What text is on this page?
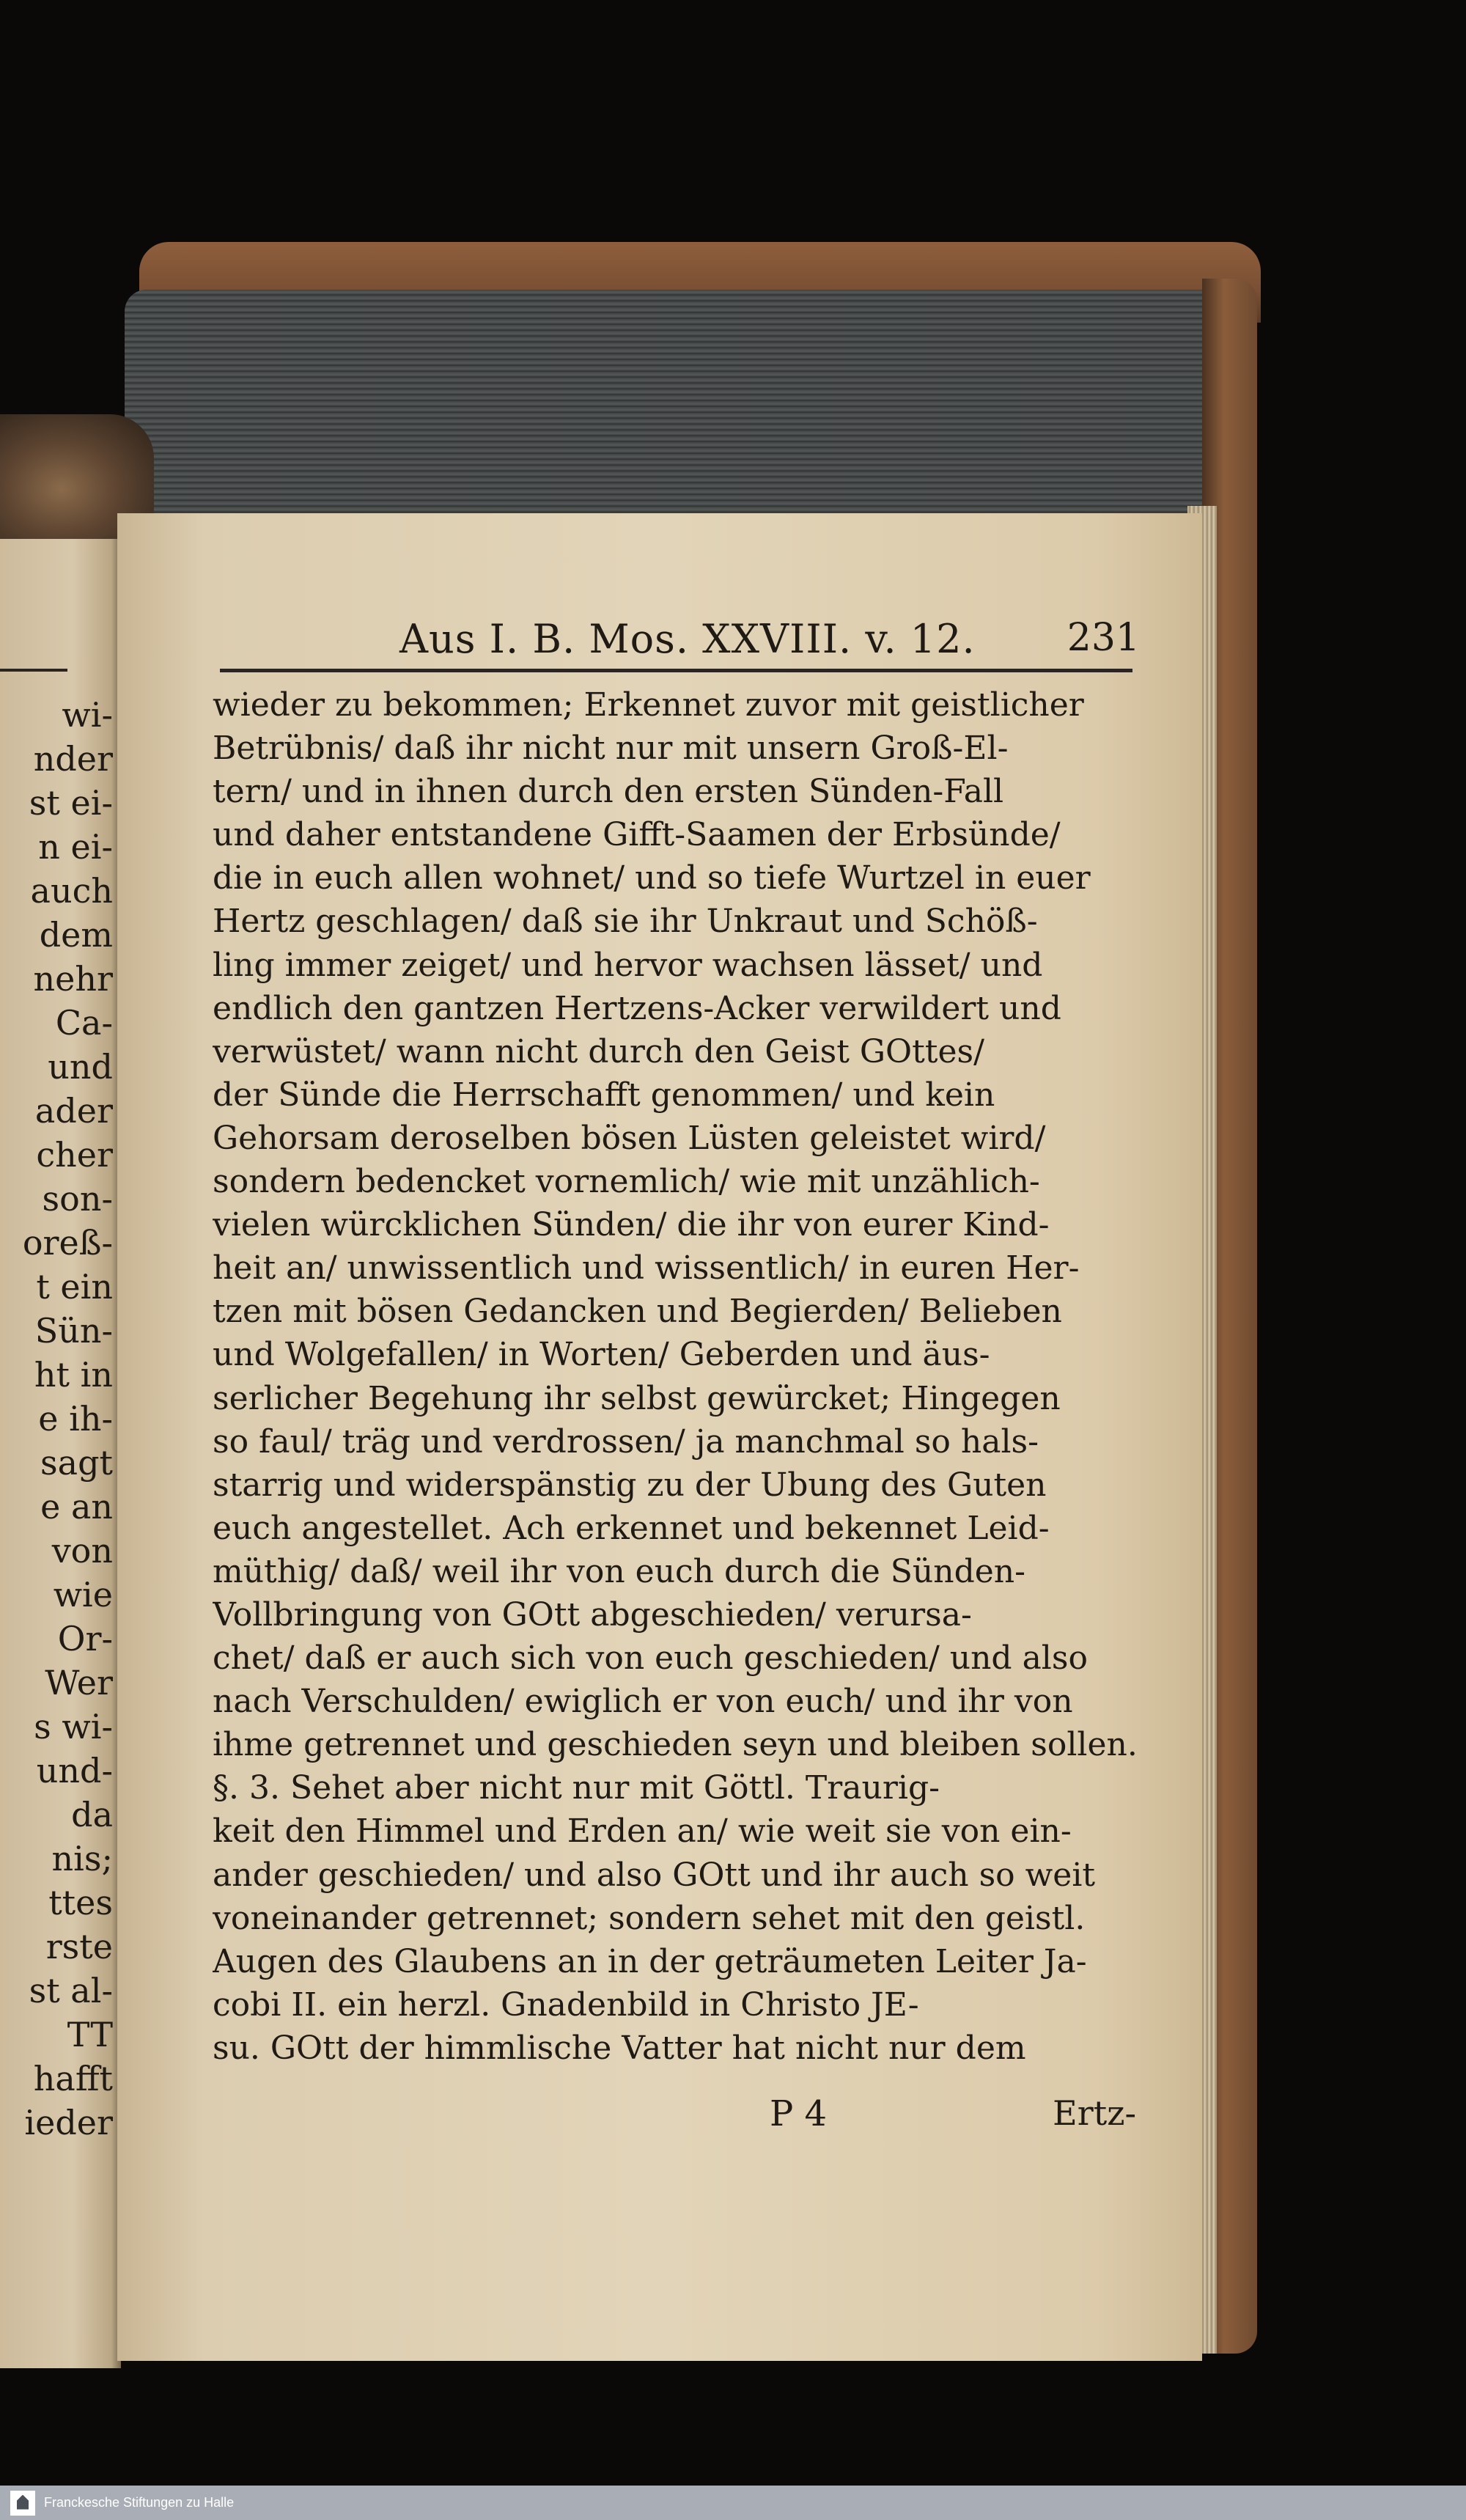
wi-
nder
st ei-
n ei-
auch
dem
nehr
Ca-
und
ader
cher
son-
oreß-
t ein
Sün-
ht in
e ih-
sagt
e an
von
wie
Or-
Wer
s wi-
und-
da
nis;
ttes
rste
st al-
TT
hafft
ieder
Aus I. B. Mos. XXVIII. v. 12. 231
wieder zu bekommen; Erkennet zuvor mit geistlicher
Betrübnis/ daß ihr nicht nur mit unsern Groß-El-
tern/ und in ihnen durch den ersten Sünden-Fall
und daher entstandene Gifft-Saamen der Erbsünde/
die in euch allen wohnet/ und so tiefe Wurtzel in euer
Hertz geschlagen/ daß sie ihr Unkraut und Schöß-
ling immer zeiget/ und hervor wachsen lässet/ und
endlich den gantzen Hertzens-Acker verwildert und
verwüstet/ wann nicht durch den Geist GOttes/
der Sünde die Herrschafft genommen/ und kein
Gehorsam deroselben bösen Lüsten geleistet wird/
sondern bedencket vornemlich/ wie mit unzählich-
vielen würcklichen Sünden/ die ihr von eurer Kind-
heit an/ unwissentlich und wissentlich/ in euren Her-
tzen mit bösen Gedancken und Begierden/ Belieben
und Wolgefallen/ in Worten/ Geberden und äus-
serlicher Begehung ihr selbst gewürcket; Hingegen
so faul/ träg und verdrossen/ ja manchmal so hals-
starrig und widerspänstig zu der Ubung des Guten
euch angestellet. Ach erkennet und bekennet Leid-
müthig/ daß/ weil ihr von euch durch die Sünden-
Vollbringung von GOtt abgeschieden/ verursa-
chet/ daß er auch sich von euch geschieden/ und also
nach Verschulden/ ewiglich er von euch/ und ihr von
ihme getrennet und geschieden seyn und bleiben sollen.
§. 3. Sehet aber nicht nur mit Göttl. Traurig-
keit den Himmel und Erden an/ wie weit sie von ein-
ander geschieden/ und also GOtt und ihr auch so weit
voneinander getrennet; sondern sehet mit den geistl.
Augen des Glaubens an in der geträumeten Leiter Ja-
cobi II. ein herzl. Gnadenbild in Christo JE-
su. GOtt der himmlische Vatter hat nicht nur dem
P 4	Ertz-
Franckesche Stiftungen zu Halle
